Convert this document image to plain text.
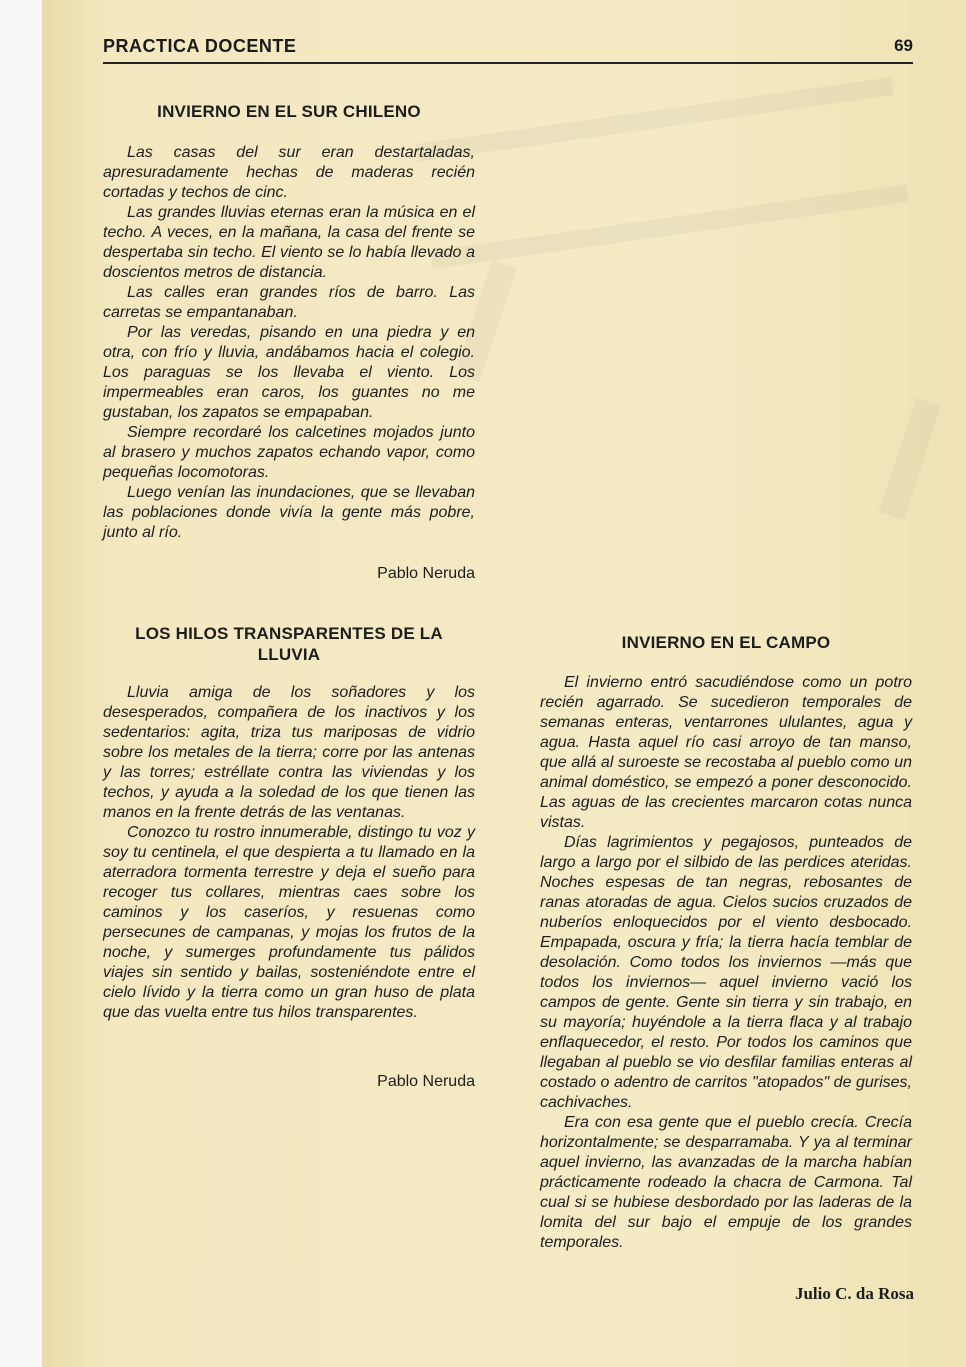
PRACTICA DOCENTE	69
INVIERNO EN EL SUR CHILENO

Las casas del sur eran destartaladas, apresuradamente hechas de maderas recién cortadas y techos de cinc.

Las grandes lluvias eternas eran la música en el techo. A veces, en la mañana, la casa del frente se despertaba sin techo. El viento se lo había llevado a doscientos metros de distancia.

Las calles eran grandes ríos de barro. Las carretas se empantanaban.

Por las veredas, pisando en una piedra y en otra, con frío y lluvia, andábamos hacia el colegio. Los paraguas se los llevaba el viento. Los impermeables eran caros, los guantes no me gustaban, los zapatos se empapaban.

Siempre recordaré los calcetines mojados junto al brasero y muchos zapatos echando vapor, como pequeñas locomotoras.

Luego venían las inundaciones, que se llevaban las poblaciones donde vivía la gente más pobre, junto al río.

Pablo Neruda
LOS HILOS TRANSPARENTES DE LA LLUVIA

Lluvia amiga de los soñadores y los desesperados, compañera de los inactivos y los sedentarios: agita, triza tus mariposas de vidrio sobre los metales de la tierra; corre por las antenas y las torres; estréllate contra las viviendas y los techos, y ayuda a la soledad de los que tienen las manos en la frente detrás de las ventanas.

Conozco tu rostro innumerable, distingo tu voz y soy tu centinela, el que despierta a tu llamado en la aterradora tormenta terrestre y deja el sueño para recoger tus collares, mientras caes sobre los caminos y los caseríos, y resuenas como persecunes de campanas, y mojas los frutos de la noche, y sumerges profundamente tus pálidos viajes sin sentido y bailas, sosteniéndote entre el cielo lívido y la tierra como un gran huso de plata que das vuelta entre tus hilos transparentes.

Pablo Neruda
INVIERNO EN EL CAMPO

El invierno entró sacudiéndose como un potro recién agarrado. Se sucedieron temporales de semanas enteras, ventarrones ululantes, agua y agua. Hasta aquel río casi arroyo de tan manso, que allá al suroeste se recostaba al pueblo como un animal doméstico, se empezó a poner desconocido. Las aguas de las crecientes marcaron cotas nunca vistas.

Días lagrimientos y pegajosos, punteados de largo a largo por el silbido de las perdices ateridas. Noches espesas de tan negras, rebosantes de ranas atoradas de agua. Cielos sucios cruzados de nuberíos enloquecidos por el viento desbocado. Empapada, oscura y fría; la tierra hacía temblar de desolación. Como todos los inviernos —más que todos los inviernos— aquel invierno vació los campos de gente. Gente sin tierra y sin trabajo, en su mayoría; huyéndole a la tierra flaca y al trabajo enflaquecedor, el resto. Por todos los caminos que llegaban al pueblo se vio desfilar familias enteras al costado o adentro de carritos "atopados" de gurises, cachivaches.

Era con esa gente que el pueblo crecía. Crecía horizontalmente; se desparramaba. Y ya al terminar aquel invierno, las avanzadas de la marcha habían prácticamente rodeado la chacra de Carmona. Tal cual si se hubiese desbordado por las laderas de la lomita del sur bajo el empuje de los grandes temporales.

Julio C. da Rosa
